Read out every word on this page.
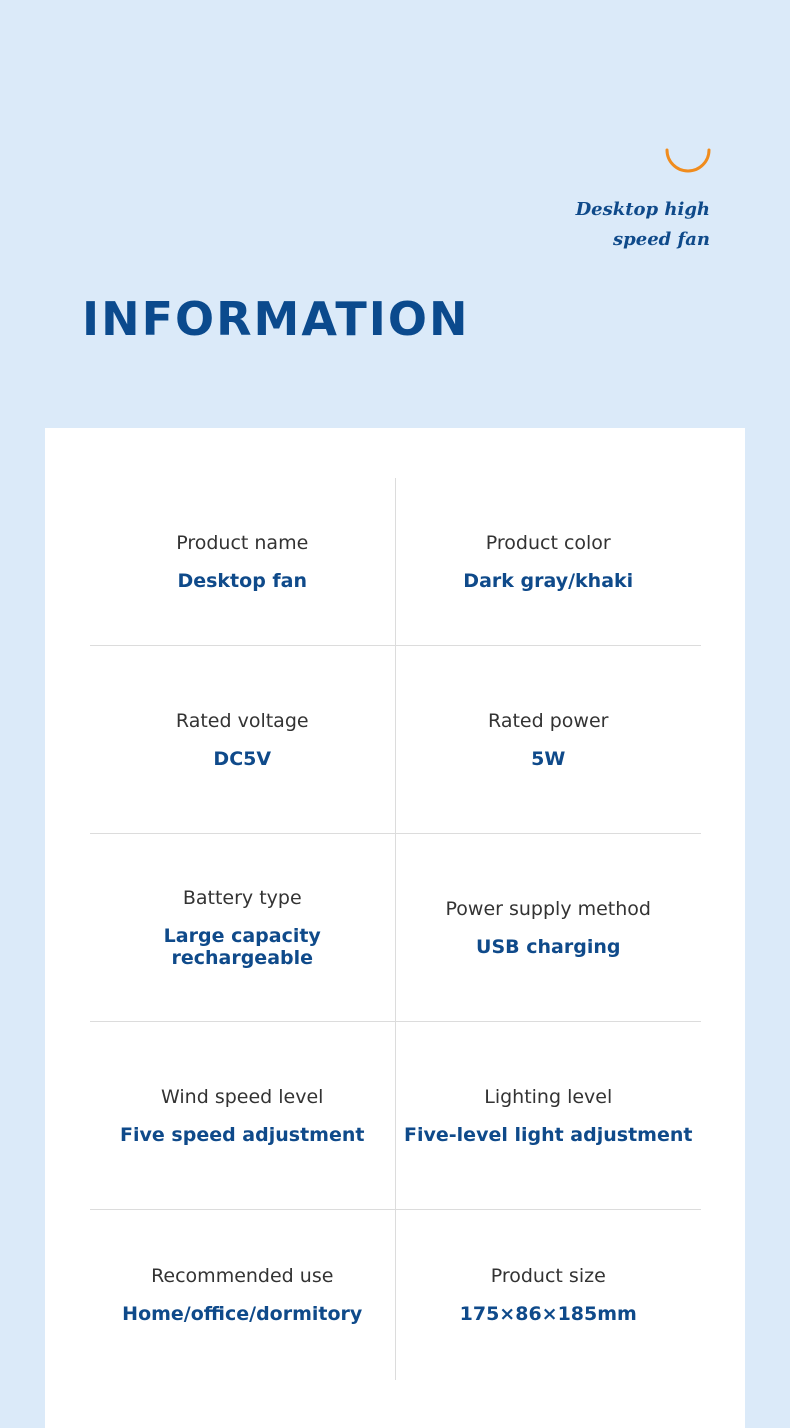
Desktop high
speed fan
INFORMATION
Product name
Desktop fan
Product color
Dark gray/khaki
Rated voltage
DC5V
Rated power
5W
Battery type
Large capacity rechargeable
Power supply method
USB charging
Wind speed level
Five speed adjustment
Lighting level
Five-level light adjustment
Recommended use
Home/office/dormitory
Product size
175×86×185mm
